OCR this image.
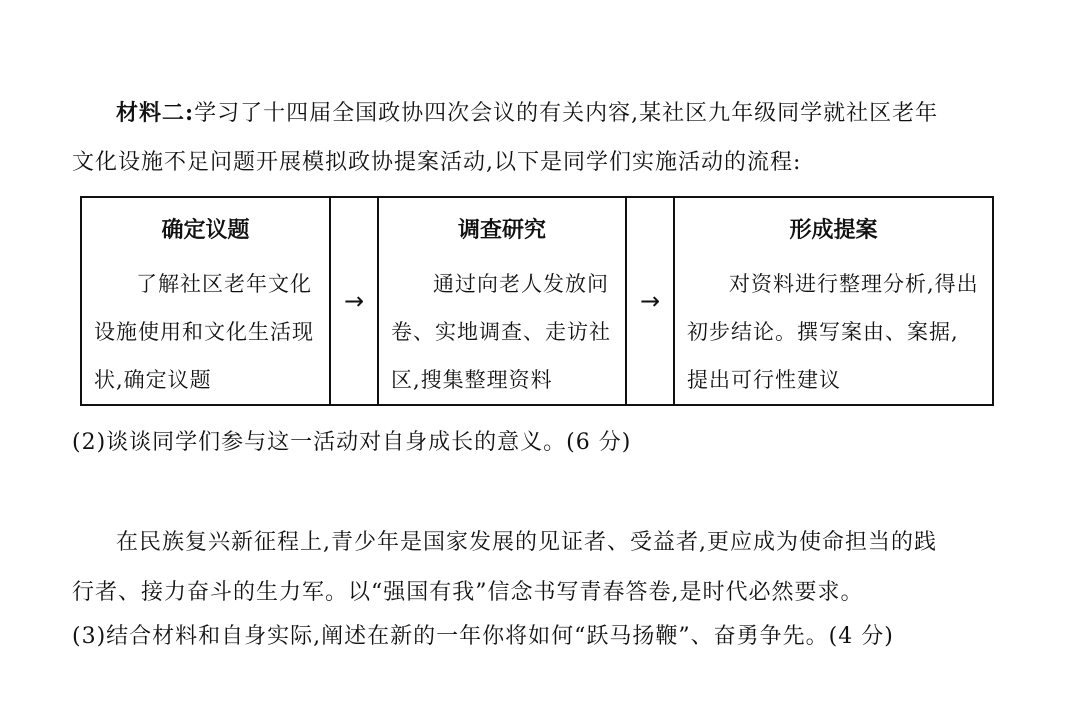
材料二:学习了十四届全国政协四次会议的有关内容,某社区九年级同学就社区老年
文化设施不足问题开展模拟政协提案活动,以下是同学们实施活动的流程:
确定议题
了解社区老年文化设施使用和文化生活现状,确定议题
→
调查研究
通过向老人发放问卷、实地调查、走访社区,搜集整理资料
→
形成提案
对资料进行整理分析,得出初步结论。撰写案由、案据,提出可行性建议
(2)谈谈同学们参与这一活动对自身成长的意义。(6 分)
在民族复兴新征程上,青少年是国家发展的见证者、受益者,更应成为使命担当的践
行者、接力奋斗的生力军。以“强国有我”信念书写青春答卷,是时代必然要求。
(3)结合材料和自身实际,阐述在新的一年你将如何“跃马扬鞭”、奋勇争先。(4 分)
